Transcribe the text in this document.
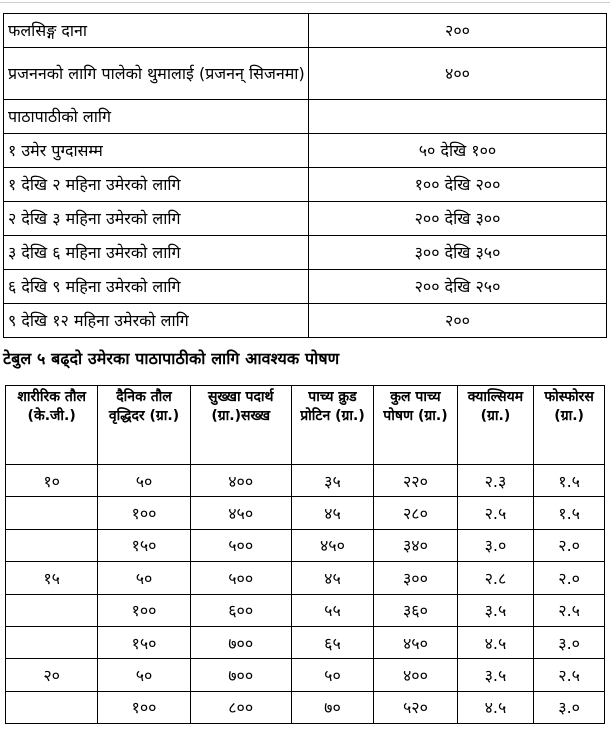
फलसिङ्ग दाना	२००
प्रजननको लागि पालेको थुमालाई (प्रजनन् सिजनमा)	४००
पाठापाठीको लागि	
१ उमेर पुग्दासम्म	५० देखि १००
१ देखि २ महिना उमेरको लागि	१०० देखि २००
२ देखि ३ महिना उमेरको लागि	२०० देखि ३००
३ देखि ६ महिना उमेरको लागि	३०० देखि ३५०
६ देखि ९ महिना उमेरको लागि	२०० देखि २५०
९ देखि १२ महिना उमेरको लागि	२००
टेबुल ५ बढ्दो उमेरका पाठापाठीको लागि आवश्यक पोषण
शारीरिक तौल (के.जी.)	दैनिक तौल वृद्धिदर (ग्रा.)	सुख्खा पदार्थ (ग्रा.)सख्ख	पाच्य क्रुड प्रोटिन (ग्रा.)	कुल पाच्य पोषण (ग्रा.)	क्याल्सियम (ग्रा.)	फोस्फोरस (ग्रा.)
१०	५०	४००	३५	२२०	२.३	१.५
	१००	४५०	४५	२८०	२.५	१.५
	१५०	५००	४५०	३४०	३.०	२.०
१५	५०	५००	४५	३००	२.८	२.०
	१००	६००	५५	३६०	३.५	२.५
	१५०	७००	६५	४५०	४.५	३.०
२०	५०	७००	५०	४००	३.५	२.५
	१००	८००	७०	५२०	४.५	३.०
